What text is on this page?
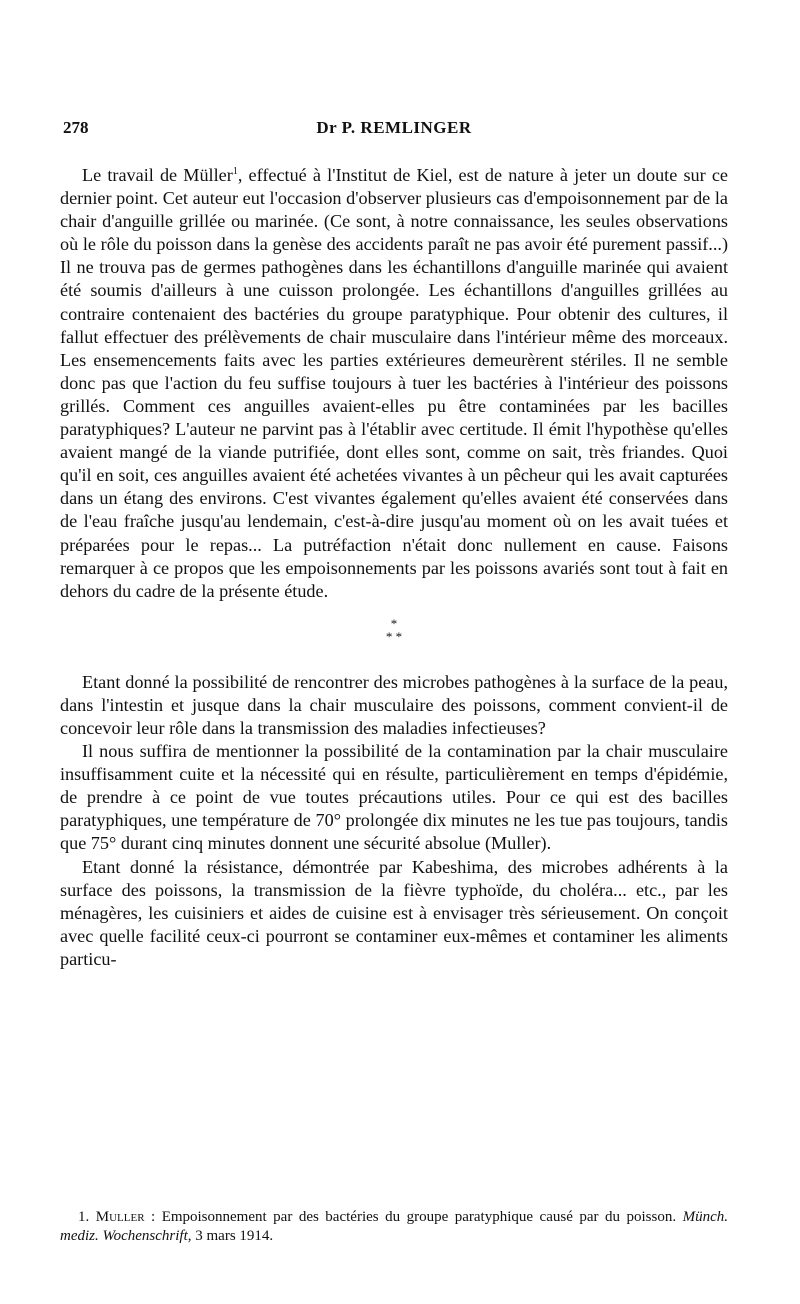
278	Dr P. REMLINGER

Le travail de Müller$^1$, effectué à l'Institut de Kiel, est de nature à jeter un doute sur ce dernier point. Cet auteur eut l'occasion d'observer plusieurs cas d'empoisonnement par de la chair d'anguille grillée ou marinée. (Ce sont, à notre connaissance, les seules observations où le rôle du poisson dans la genèse des accidents paraît ne pas avoir été purement passif...) Il ne trouva pas de germes pathogènes dans les échantillons d'anguille marinée qui avaient été soumis d'ailleurs à une cuisson prolongée. Les échantillons d'anguilles grillées au contraire contenaient des bactéries du groupe paratyphique. Pour obtenir des cultures, il fallut effectuer des prélèvements de chair musculaire dans l'intérieur même des morceaux. Les ensemencements faits avec les parties extérieures demeurèrent stériles. Il ne semble donc pas que l'action du feu suffise toujours à tuer les bactéries à l'intérieur des poissons grillés. Comment ces anguilles avaient-elles pu être contaminées par les bacilles paratyphiques? L'auteur ne parvint pas à l'établir avec certitude. Il émit l'hypothèse qu'elles avaient mangé de la viande putrifiée, dont elles sont, comme on sait, très friandes. Quoi qu'il en soit, ces anguilles avaient été achetées vivantes à un pêcheur qui les avait capturées dans un étang des environs. C'est vivantes également qu'elles avaient été conservées dans de l'eau fraîche jusqu'au lendemain, c'est-à-dire jusqu'au moment où on les avait tuées et préparées pour le repas... La putréfaction n'était donc nullement en cause. Faisons remarquer à ce propos que les empoisonnements par les poissons avariés sont tout à fait en dehors du cadre de la présente étude.

*
* *

Etant donné la possibilité de rencontrer des microbes pathogènes à la surface de la peau, dans l'intestin et jusque dans la chair musculaire des poissons, comment convient-il de concevoir leur rôle dans la transmission des maladies infectieuses?

Il nous suffira de mentionner la possibilité de la contamination par la chair musculaire insuffisamment cuite et la nécessité qui en résulte, particulièrement en temps d'épidémie, de prendre à ce point de vue toutes précautions utiles. Pour ce qui est des bacilles paratyphiques, une température de 70° prolongée dix minutes ne les tue pas toujours, tandis que 75° durant cinq minutes donnent une sécurité absolue (Muller).

Etant donné la résistance, démontrée par Kabeshima, des microbes adhérents à la surface des poissons, la transmission de la fièvre typhoïde, du choléra... etc., par les ménagères, les cuisiniers et aides de cuisine est à envisager très sérieusement. On conçoit avec quelle facilité ceux-ci pourront se contaminer eux-mêmes et contaminer les aliments particu-

1. Muller : Empoisonnement par des bactéries du groupe paratyphique causé par du poisson. Münch. mediz. Wochenschrift, 3 mars 1914.
